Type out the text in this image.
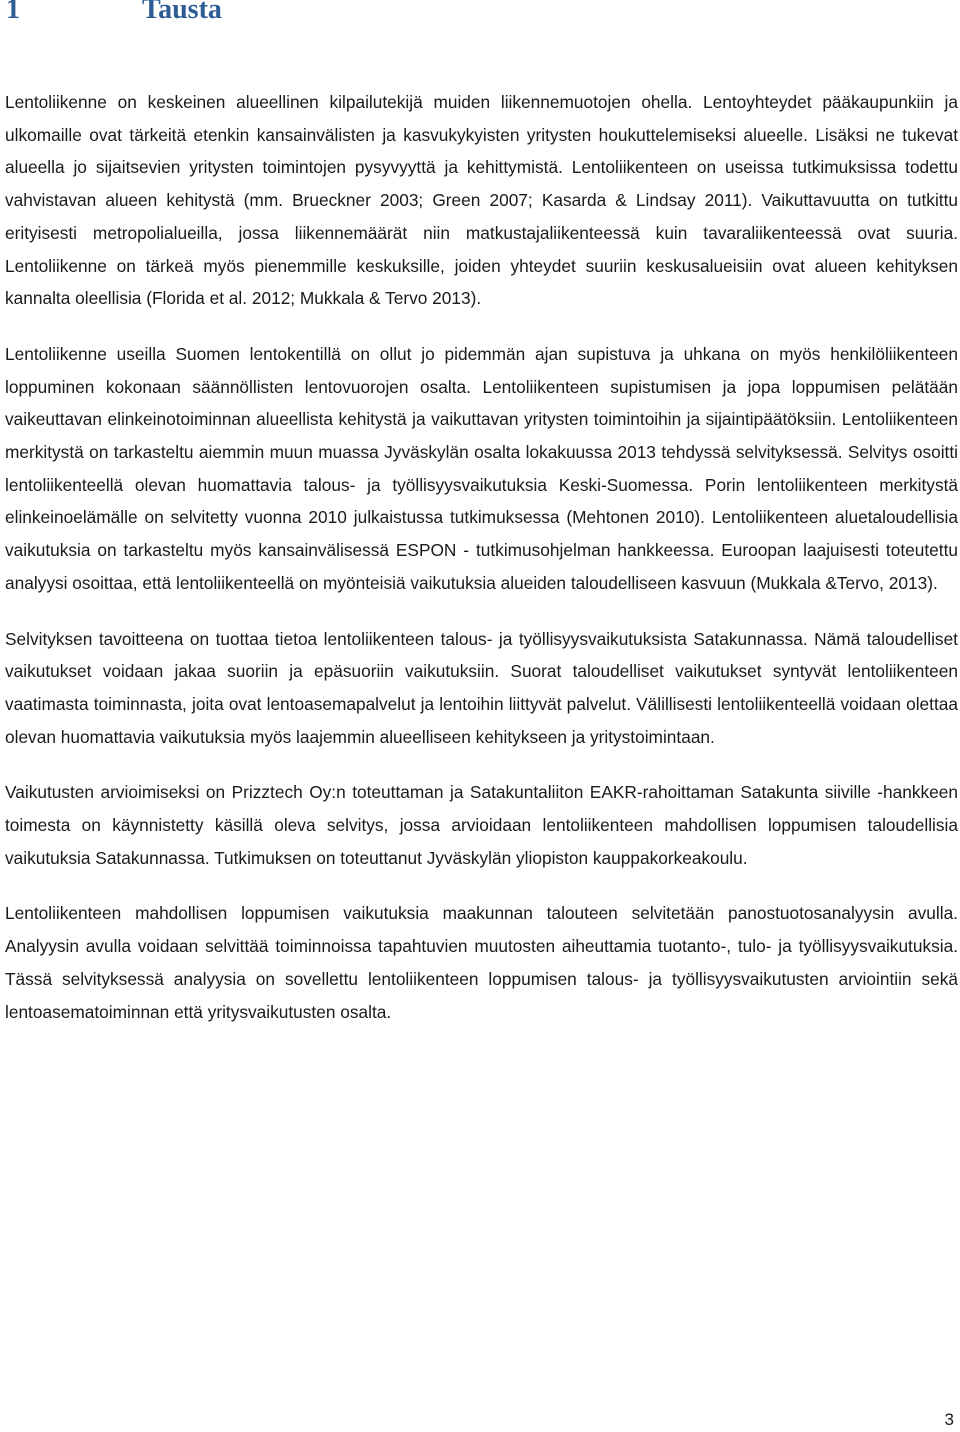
1	Tausta

Lentoliikenne on keskeinen alueellinen kilpailutekijä muiden liikennemuotojen ohella. Lentoyhteydet pääkaupunkiin ja ulkomaille ovat tärkeitä etenkin kansainvälisten ja kasvukykyisten yritysten houkuttelemiseksi alueelle. Lisäksi ne tukevat alueella jo sijaitsevien yritysten toimintojen pysyvyyttä ja kehittymistä. Lentoliikenteen on useissa tutkimuksissa todettu vahvistavan alueen kehitystä (mm. Brueckner 2003; Green 2007; Kasarda & Lindsay 2011). Vaikuttavuutta on tutkittu erityisesti metropolialueilla, jossa liikennemäärät niin matkustajaliikenteessä kuin tavaraliikenteessä ovat suuria. Lentoliikenne on tärkeä myös pienemmille keskuksille, joiden yhteydet suuriin keskusalueisiin ovat alueen kehityksen kannalta oleellisia (Florida et al. 2012; Mukkala & Tervo 2013).

Lentoliikenne useilla Suomen lentokentillä on ollut jo pidemmän ajan supistuva ja uhkana on myös henkilöliikenteen loppuminen kokonaan säännöllisten lentovuorojen osalta. Lentoliikenteen supistumisen ja jopa loppumisen pelätään vaikeuttavan elinkeinotoiminnan alueellista kehitystä ja vaikuttavan yritysten toimintoihin ja sijaintipäätöksiin. Lentoliikenteen merkitystä on tarkasteltu aiemmin muun muassa Jyväskylän osalta lokakuussa 2013 tehdyssä selvityksessä. Selvitys osoitti lentoliikenteellä olevan huomattavia talous- ja työllisyysvaikutuksia Keski-Suomessa. Porin lentoliikenteen merkitystä elinkeinoelämälle on selvitetty vuonna 2010 julkaistussa tutkimuksessa (Mehtonen 2010). Lentoliikenteen aluetaloudellisia vaikutuksia on tarkasteltu myös kansainvälisessä ESPON - tutkimusohjelman hankkeessa. Euroopan laajuisesti toteutettu analyysi osoittaa, että lentoliikenteellä on myönteisiä vaikutuksia alueiden taloudelliseen kasvuun (Mukkala &Tervo, 2013).

Selvityksen tavoitteena on tuottaa tietoa lentoliikenteen talous- ja työllisyysvaikutuksista Satakunnassa. Nämä taloudelliset vaikutukset voidaan jakaa suoriin ja epäsuoriin vaikutuksiin. Suorat taloudelliset vaikutukset syntyvät lentoliikenteen vaatimasta toiminnasta, joita ovat lentoasemapalvelut ja lentoihin liittyvät palvelut. Välillisesti lentoliikenteellä voidaan olettaa olevan huomattavia vaikutuksia myös laajemmin alueelliseen kehitykseen ja yritystoimintaan.

Vaikutusten arvioimiseksi on Prizztech Oy:n toteuttaman ja Satakuntaliiton EAKR-rahoittaman Satakunta siiville -hankkeen toimesta on käynnistetty käsillä oleva selvitys, jossa arvioidaan lentoliikenteen mahdollisen loppumisen taloudellisia vaikutuksia Satakunnassa. Tutkimuksen on toteuttanut Jyväskylän yliopiston kauppakorkeakoulu.

Lentoliikenteen mahdollisen loppumisen vaikutuksia maakunnan talouteen selvitetään panostuotosanalyysin avulla. Analyysin avulla voidaan selvittää toiminnoissa tapahtuvien muutosten aiheuttamia tuotanto-, tulo- ja työllisyysvaikutuksia. Tässä selvityksessä analyysia on sovellettu lentoliikenteen loppumisen talous- ja työllisyysvaikutusten arviointiin sekä lentoasematoiminnan että yritysvaikutusten osalta.

3
